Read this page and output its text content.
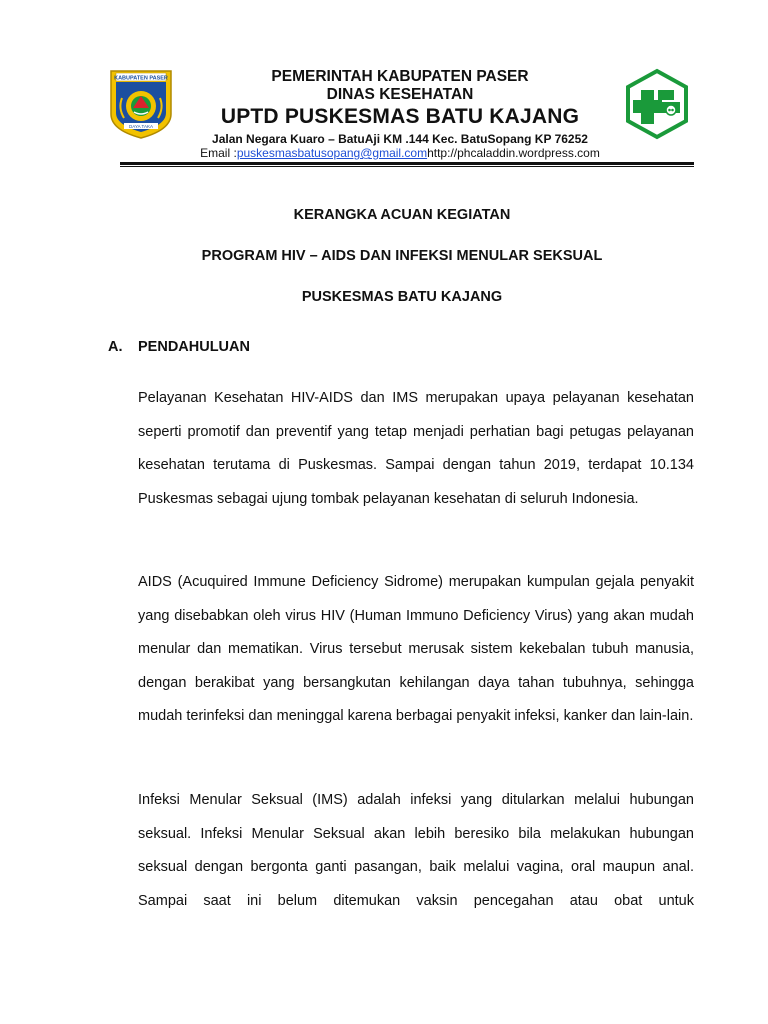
KABUPATEN PASER
DAYA TAKA
PEMERINTAH KABUPATEN PASER
DINAS KESEHATAN
UPTD PUSKESMAS BATU KAJANG
Jalan Negara Kuaro – BatuAji KM .144 Kec. BatuSopang KP 76252
Email :puskesmasbatusopang@gmail.comhttp://phcaladdin.wordpress.com
KERANGKA ACUAN KEGIATAN
PROGRAM HIV – AIDS DAN INFEKSI MENULAR SEKSUAL
PUSKESMAS BATU KAJANG
A. PENDAHULUAN

Pelayanan Kesehatan HIV-AIDS dan IMS merupakan upaya pelayanan kesehatan seperti promotif dan preventif yang tetap menjadi perhatian bagi petugas pelayanan kesehatan terutama di Puskesmas. Sampai dengan tahun 2019, terdapat 10.134 Puskesmas sebagai ujung tombak pelayanan kesehatan di seluruh Indonesia.

AIDS (Acuquired Immune Deficiency Sidrome) merupakan kumpulan gejala penyakit yang disebabkan oleh virus HIV (Human Immuno Deficiency Virus) yang akan mudah menular dan mematikan. Virus tersebut merusak sistem kekebalan tubuh manusia, dengan berakibat yang bersangkutan kehilangan daya tahan tubuhnya, sehingga mudah terinfeksi dan meninggal karena berbagai penyakit infeksi, kanker dan lain-lain.

Infeksi Menular Seksual (IMS) adalah infeksi yang ditularkan melalui hubungan seksual. Infeksi Menular Seksual akan lebih beresiko bila melakukan hubungan seksual dengan bergonta ganti pasangan, baik melalui vagina, oral maupun anal. Sampai saat ini belum ditemukan vaksin pencegahan atau obat untuk
